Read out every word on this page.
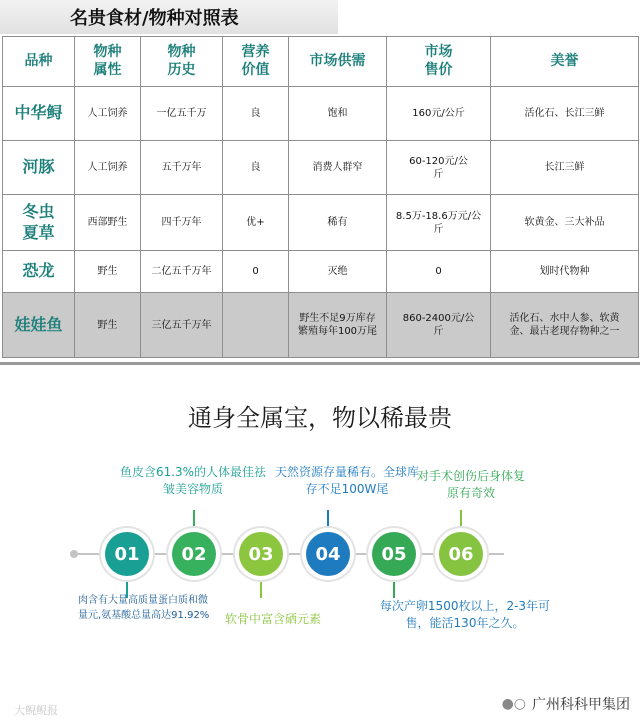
名贵食材/物种对照表
品种	物种属性	物种历史	营养价值	市场供需	市场售价	美誉
中华鲟	人工饲养	一亿五千万	良	饱和	160元/公斤	活化石、长江三鲜
河豚	人工饲养	五千万年	良	消费人群窄	60-120元/公斤	长江三鲜
冬虫夏草	西部野生	四千万年	优+	稀有	8.5万-18.6万元/公斤	软黄金、三大补品
恐龙	野生	二亿五千万年	0	灭绝	0	划时代物种
娃娃鱼	野生	三亿五千万年		野生不足9万库存繁殖每年100万尾	860-2400元/公斤	活化石、水中人参、软黄金、最古老现存物种之一
通身全属宝，物以稀最贵
鱼皮含61.3%的人体最佳祛皱美容物质
天然资源存量稀有。全球库存不足100W尾
对手术创伤后身体复原有奇效
01	02	03	04	05	06
肉含有大量高质量蛋白质和微量元,氨基酸总量高达91.92%	软骨中富含硒元素
每次产卵1500枚以上，2-3年可售，能活130年之久。
●○ 广州科科甲集团
大鲵鲵报
